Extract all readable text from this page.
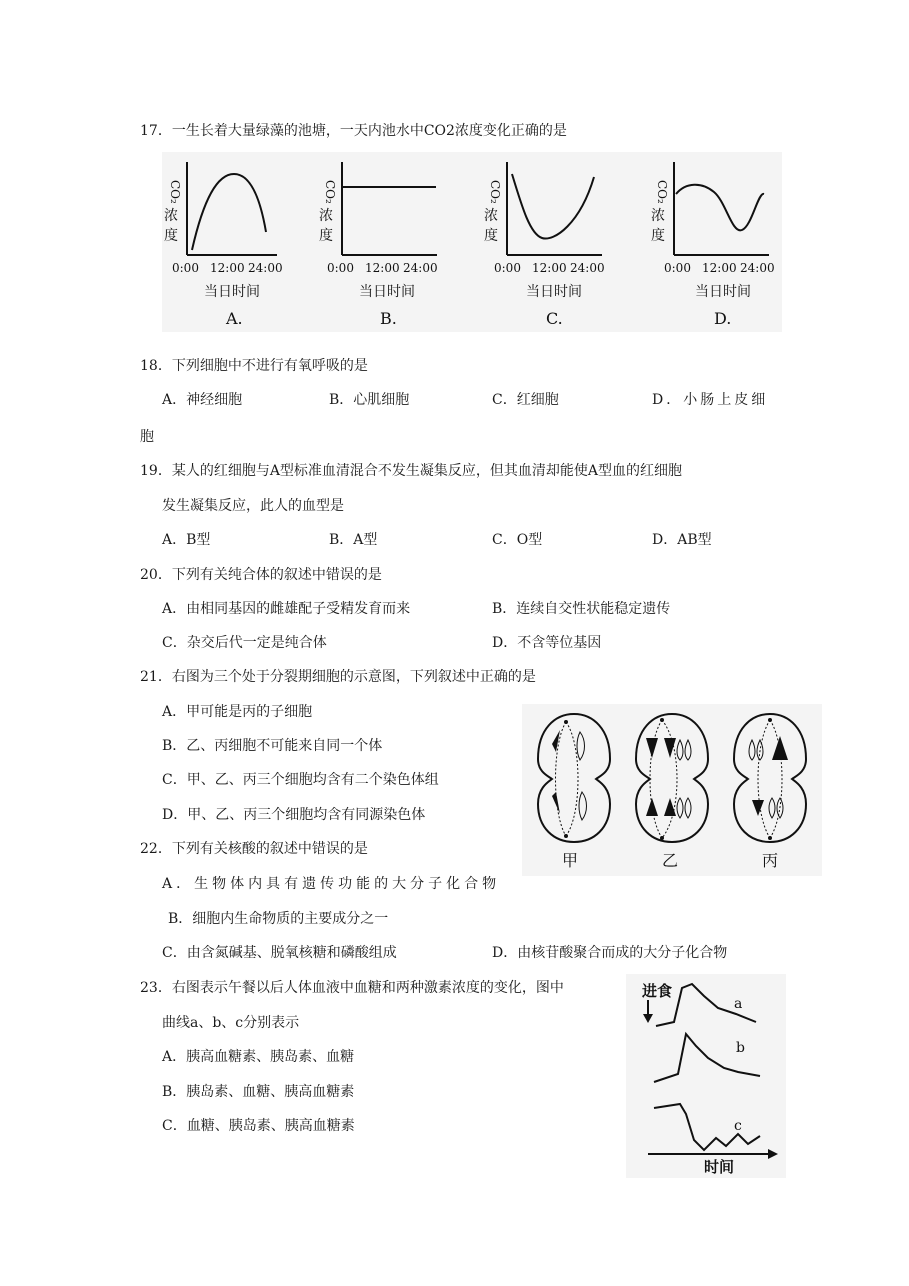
17．一生长着大量绿藻的池塘，一天内池水中CO2浓度变化正确的是
CO₂
浓
度
0:00 12:00 24:00
当日时间
A.
CO₂
浓
度
0:00 12:00 24:00
当日时间
B.
CO₂
浓
度
0:00 12:00 24:00
当日时间
C.
CO₂
浓
度
0:00 12:00 24:00
当日时间
D.
18．下列细胞中不进行有氧呼吸的是
A．神经细胞	B．心肌细胞	C．红细胞	D．小肠上皮细
胞
19．某人的红细胞与A型标准血清混合不发生凝集反应，但其血清却能使A型血的红细胞
发生凝集反应，此人的血型是
A．B型	B．A型	C．O型	D．AB型
20．下列有关纯合体的叙述中错误的是
A．由相同基因的雌雄配子受精发育而来	B．连续自交性状能稳定遗传
C．杂交后代一定是纯合体	D．不含等位基因
21．右图为三个处于分裂期细胞的示意图，下列叙述中正确的是
A．甲可能是丙的子细胞
B．乙、丙细胞不可能来自同一个体
C．甲、乙、丙三个细胞均含有二个染色体组
D．甲、乙、丙三个细胞均含有同源染色体
甲	乙	丙
22．下列有关核酸的叙述中错误的是
A．生物体内具有遗传功能的大分子化合物
B．细胞内生命物质的主要成分之一
C．由含氮碱基、脱氧核糖和磷酸组成	D．由核苷酸聚合而成的大分子化合物
23．右图表示午餐以后人体血液中血糖和两种激素浓度的变化，图中
曲线a、b、c分别表示
A．胰高血糖素、胰岛素、血糖
B．胰岛素、血糖、胰高血糖素
C．血糖、胰岛素、胰高血糖素
进食
a
b
c
时间
